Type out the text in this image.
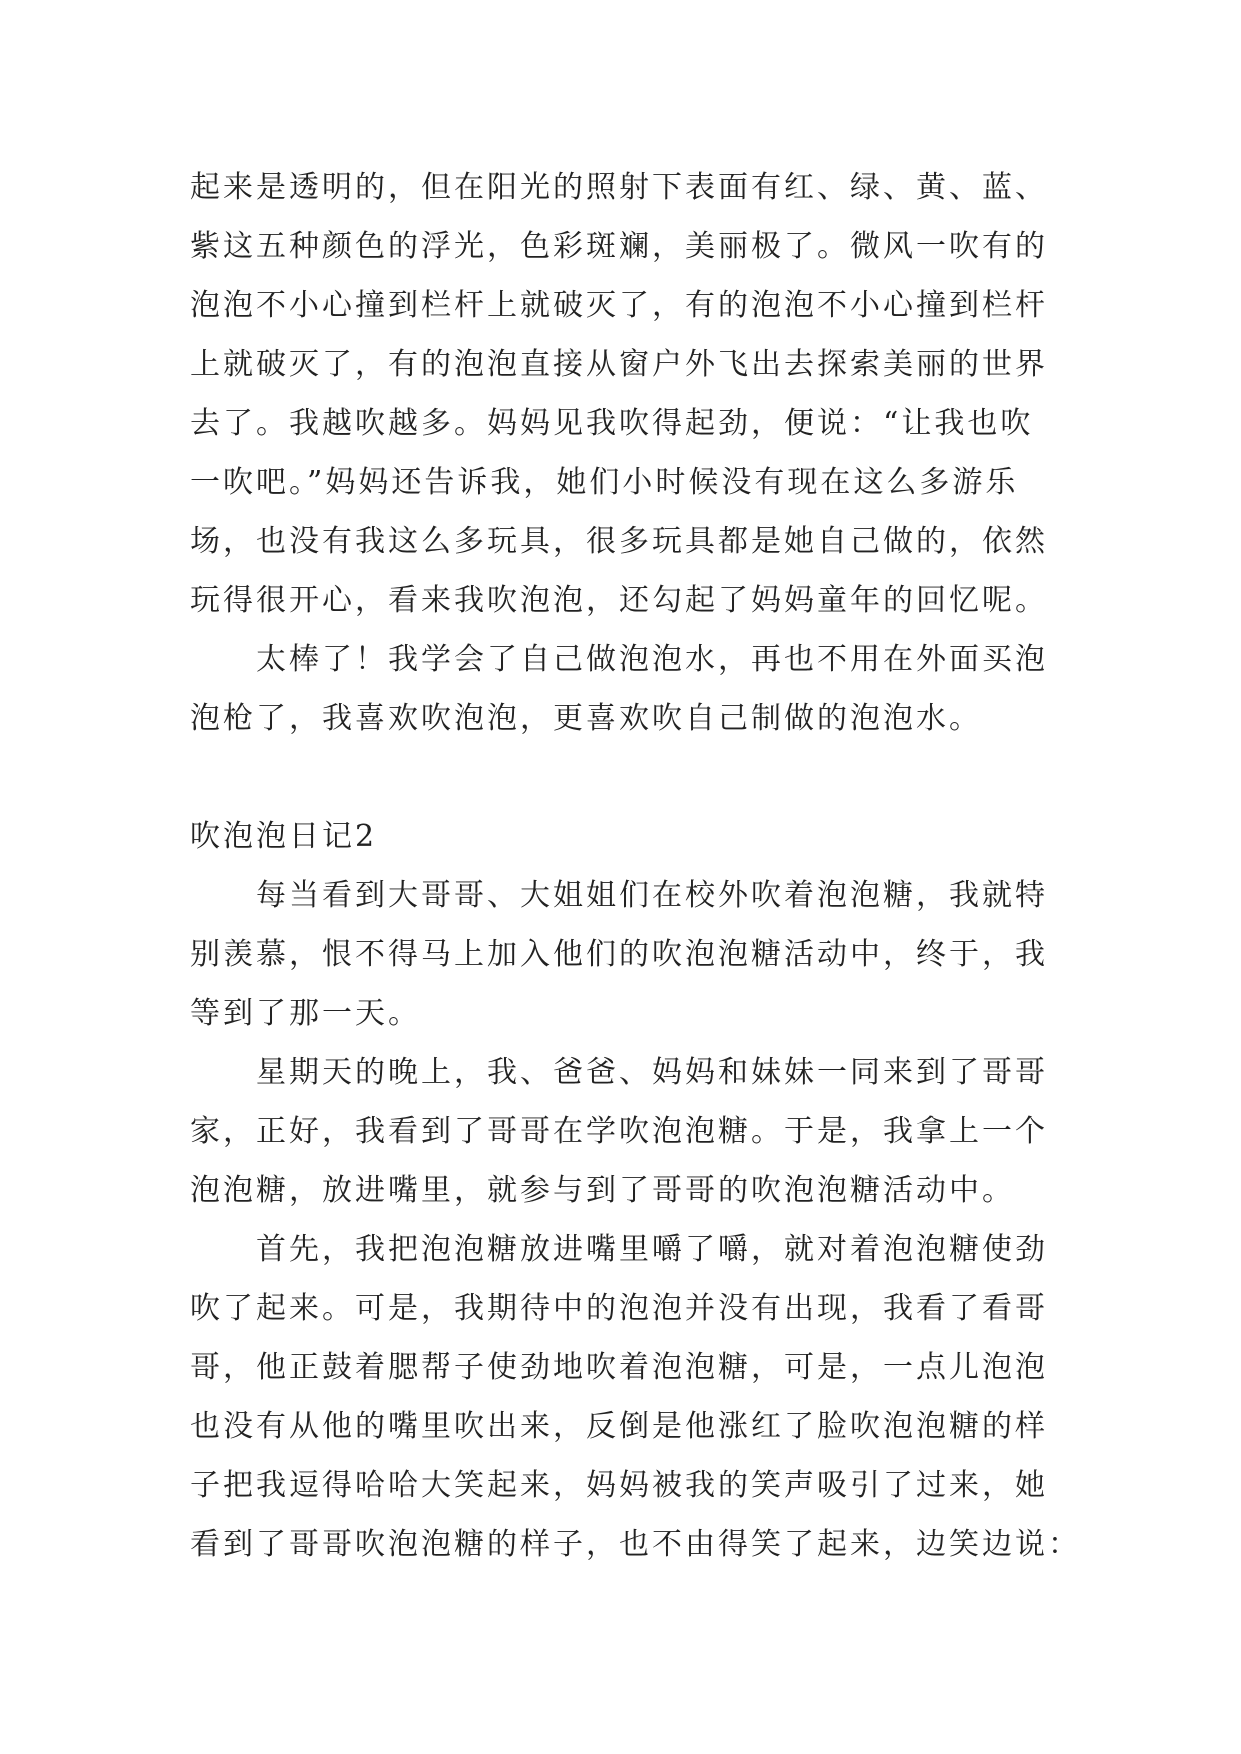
起来是透明的，但在阳光的照射下表面有红、绿、黄、蓝、

紫这五种颜色的浮光，色彩斑斓，美丽极了。微风一吹有的

泡泡不小心撞到栏杆上就破灭了，有的泡泡不小心撞到栏杆

上就破灭了，有的泡泡直接从窗户外飞出去探索美丽的世界

去了。我越吹越多。妈妈见我吹得起劲，便说：“让我也吹

一吹吧。”妈妈还告诉我，她们小时候没有现在这么多游乐

场，也没有我这么多玩具，很多玩具都是她自己做的，依然

玩得很开心，看来我吹泡泡，还勾起了妈妈童年的回忆呢。

太棒了！我学会了自己做泡泡水，再也不用在外面买泡

泡枪了，我喜欢吹泡泡，更喜欢吹自己制做的泡泡水。

吹泡泡日记2

每当看到大哥哥、大姐姐们在校外吹着泡泡糖，我就特

别羡慕，恨不得马上加入他们的吹泡泡糖活动中，终于，我

等到了那一天。

星期天的晚上，我、爸爸、妈妈和妹妹一同来到了哥哥

家，正好，我看到了哥哥在学吹泡泡糖。于是，我拿上一个

泡泡糖，放进嘴里，就参与到了哥哥的吹泡泡糖活动中。

首先，我把泡泡糖放进嘴里嚼了嚼，就对着泡泡糖使劲

吹了起来。可是，我期待中的泡泡并没有出现，我看了看哥

哥，他正鼓着腮帮子使劲地吹着泡泡糖，可是，一点儿泡泡

也没有从他的嘴里吹出来，反倒是他涨红了脸吹泡泡糖的样

子把我逗得哈哈大笑起来，妈妈被我的笑声吸引了过来，她

看到了哥哥吹泡泡糖的样子，也不由得笑了起来，边笑边说：
